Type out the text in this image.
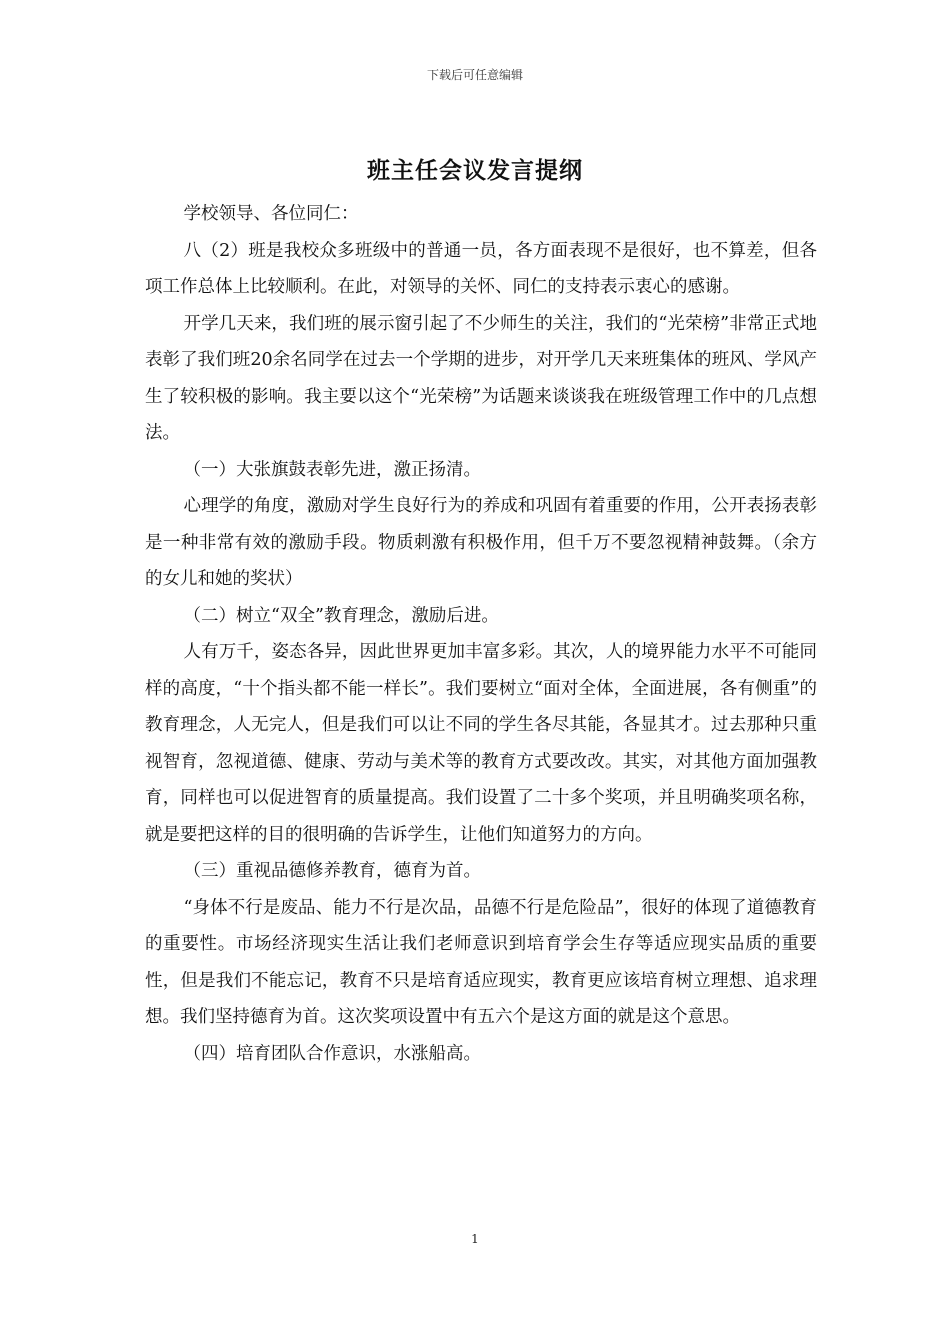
下载后可任意编辑
班主任会议发言提纲

学校领导、各位同仁：

八（2）班是我校众多班级中的普通一员，各方面表现不是很好，也不算差，但各项工作总体上比较顺利。在此，对领导的关怀、同仁的支持表示衷心的感谢。

开学几天来，我们班的展示窗引起了不少师生的关注，我们的“光荣榜”非常正式地表彰了我们班20余名同学在过去一个学期的进步，对开学几天来班集体的班风、学风产生了较积极的影响。我主要以这个“光荣榜”为话题来谈谈我在班级管理工作中的几点想法。

（一）大张旗鼓表彰先进，激正扬清。

心理学的角度，激励对学生良好行为的养成和巩固有着重要的作用，公开表扬表彰是一种非常有效的激励手段。物质刺激有积极作用，但千万不要忽视精神鼓舞。（余方的女儿和她的奖状）

（二）树立“双全”教育理念，激励后进。

人有万千，姿态各异，因此世界更加丰富多彩。其次，人的境界能力水平不可能同样的高度，“十个指头都不能一样长”。我们要树立“面对全体，全面进展，各有侧重”的教育理念，人无完人，但是我们可以让不同的学生各尽其能，各显其才。过去那种只重视智育，忽视道德、健康、劳动与美术等的教育方式要改改。其实，对其他方面加强教育，同样也可以促进智育的质量提高。我们设置了二十多个奖项，并且明确奖项名称，就是要把这样的目的很明确的告诉学生，让他们知道努力的方向。

（三）重视品德修养教育，德育为首。

“身体不行是废品、能力不行是次品，品德不行是危险品”，很好的体现了道德教育的重要性。市场经济现实生活让我们老师意识到培育学会生存等适应现实品质的重要性，但是我们不能忘记，教育不只是培育适应现实，教育更应该培育树立理想、追求理想。我们坚持德育为首。这次奖项设置中有五六个是这方面的就是这个意思。

（四）培育团队合作意识，水涨船高。

1
